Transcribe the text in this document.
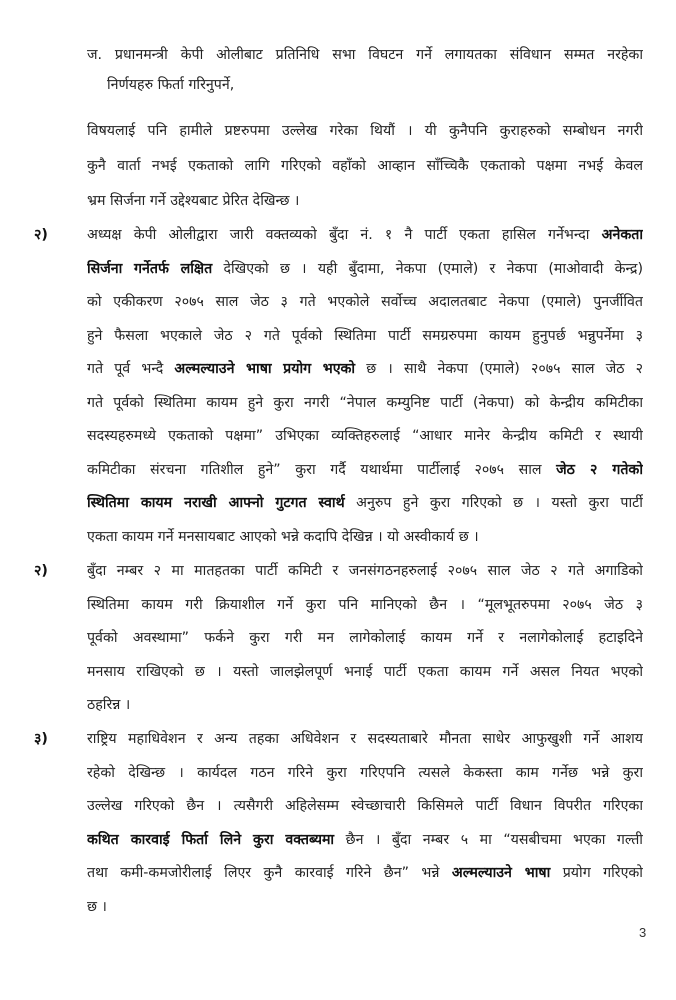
ज. प्रधानमन्त्री केपी ओलीबाट प्रतिनिधि सभा विघटन गर्ने लगायतका संविधान सम्मत नरहेका

निर्णयहरु फिर्ता गरिनुपर्ने,

विषयलाई पनि हामीले प्रष्टरुपमा उल्लेख गरेका थियौं । यी कुनैपनि कुराहरुको सम्बोधन नगरी

कुनै वार्ता नभई एकताको लागि गरिएको वहाँको आव्हान साँच्चिकै एकताको पक्षमा नभई केवल

भ्रम सिर्जना गर्ने उद्देश्यबाट प्रेरित देखिन्छ ।

२)	अध्यक्ष केपी ओलीद्वारा जारी वक्तव्यको बुँदा नं. १ नै पार्टी एकता हासिल गर्नेभन्दा अनेकता

सिर्जना गर्नेतर्फ लक्षित देखिएको छ । यही बुँदामा, नेकपा (एमाले) र नेकपा (माओवादी केन्द्र)

को एकीकरण २०७५ साल जेठ ३ गते भएकोले सर्वोच्च अदालतबाट नेकपा (एमाले) पुनर्जीवित

हुने फैसला भएकाले जेठ २ गते पूर्वको स्थितिमा पार्टी समग्ररुपमा कायम हुनुपर्छ भन्नुपर्नेमा ३

गते पूर्व भन्दै अल्मल्याउने भाषा प्रयोग भएको छ । साथै नेकपा (एमाले) २०७५ साल जेठ २

गते पूर्वको स्थितिमा कायम हुने कुरा नगरी “नेपाल कम्युनिष्ट पार्टी (नेकपा) को केन्द्रीय कमिटीका

सदस्यहरुमध्ये एकताको पक्षमा” उभिएका व्यक्तिहरुलाई “आधार मानेर केन्द्रीय कमिटी र स्थायी

कमिटीका संरचना गतिशील हुने” कुरा गर्दै यथार्थमा पार्टीलाई २०७५ साल जेठ २ गतेको

स्थितिमा कायम नराखी आफ्नो गुटगत स्वार्थ अनुरुप हुने कुरा गरिएको छ । यस्तो कुरा पार्टी

एकता कायम गर्ने मनसायबाट आएको भन्ने कदापि देखिन्न । यो अस्वीकार्य छ ।

२)	बुँदा नम्बर २ मा मातहतका पार्टी कमिटी र जनसंगठनहरुलाई २०७५ साल जेठ २ गते अगाडिको

स्थितिमा कायम गरी क्रियाशील गर्ने कुरा पनि मानिएको छैन । “मूलभूतरुपमा २०७५ जेठ ३

पूर्वको अवस्थामा” फर्कने कुरा गरी मन लागेकोलाई कायम गर्ने र नलागेकोलाई हटाइदिने

मनसाय राखिएको छ । यस्तो जालझेलपूर्ण भनाई पार्टी एकता कायम गर्ने असल नियत भएको

ठहरिन्न ।

३)	राष्ट्रिय महाधिवेशन र अन्य तहका अधिवेशन र सदस्यताबारे मौनता साधेर आफुखुशी गर्ने आशय

रहेको देखिन्छ । कार्यदल गठन गरिने कुरा गरिएपनि त्यसले केकस्ता काम गर्नेछ भन्ने कुरा

उल्लेख गरिएको छैन । त्यसैगरी अहिलेसम्म स्वेच्छाचारी किसिमले पार्टी विधान विपरीत गरिएका

कथित कारवाई फिर्ता लिने कुरा वक्तब्यमा छैन । बुँदा नम्बर ५ मा “यसबीचमा भएका गल्ती

तथा कमी-कमजोरीलाई लिएर कुनै कारवाई गरिने छैन” भन्ने अल्मल्याउने भाषा प्रयोग गरिएको

छ ।

3
